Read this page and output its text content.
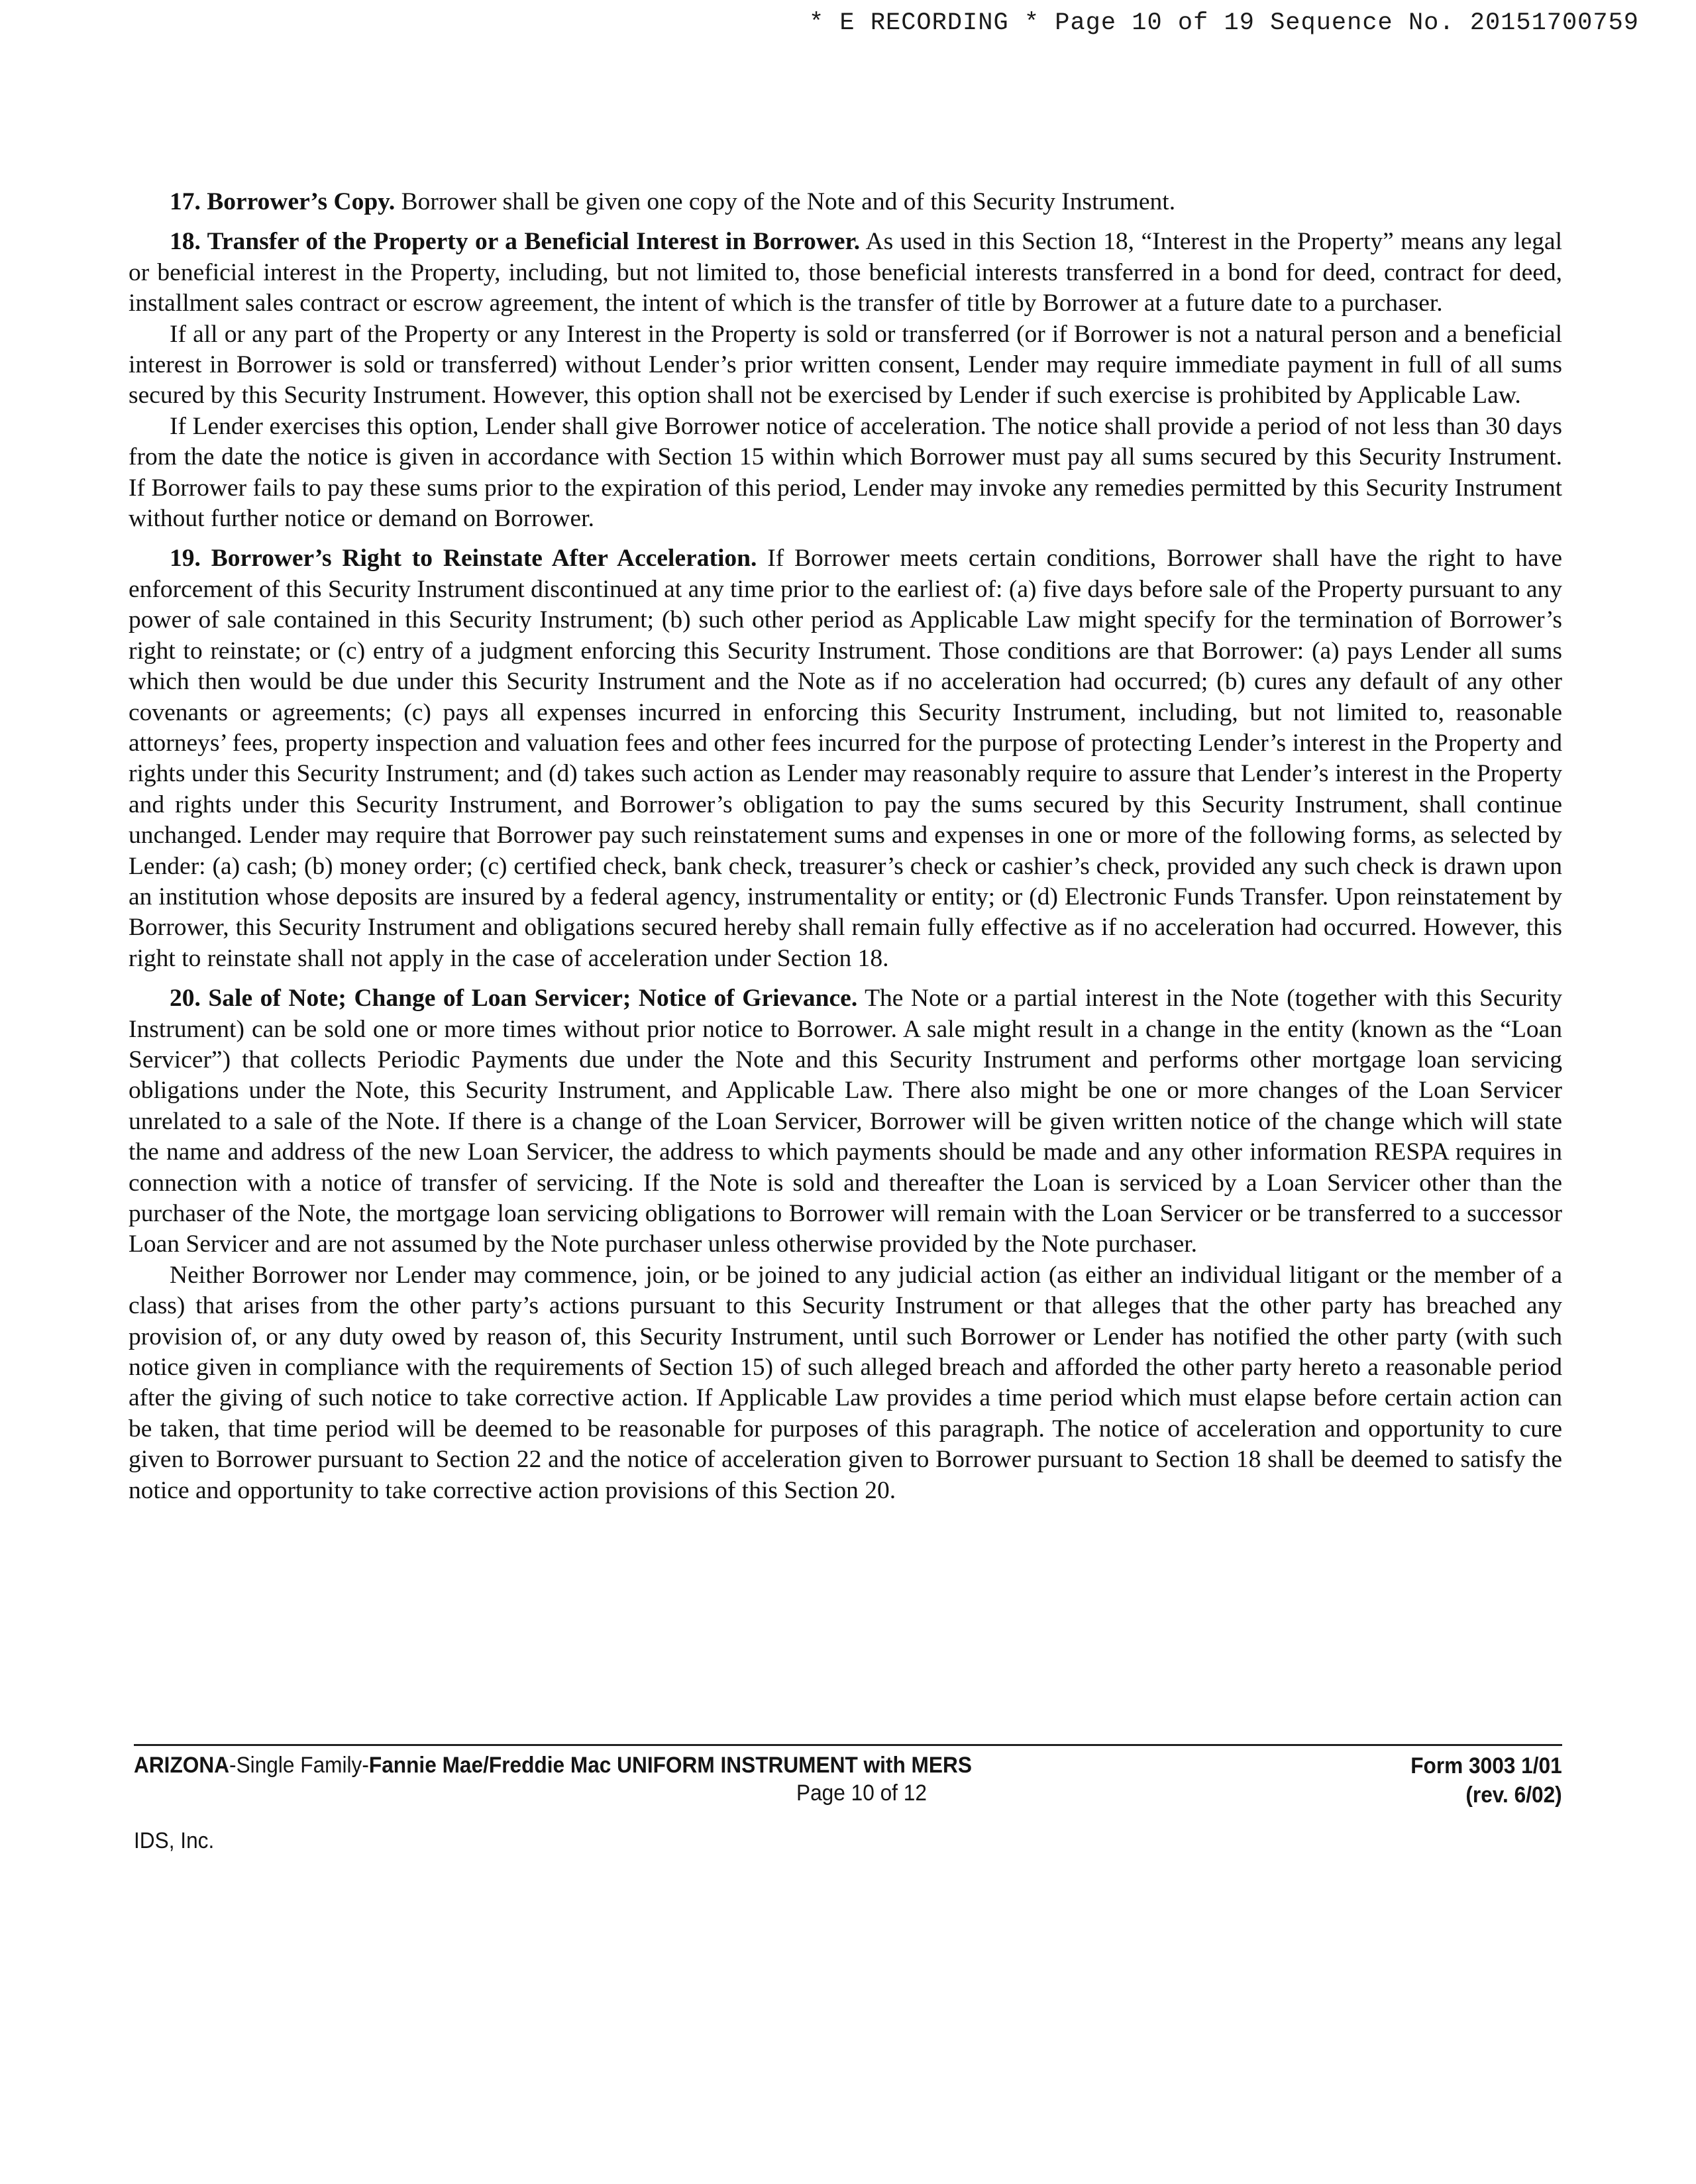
* E RECORDING * Page 10 of 19 Sequence No. 20151700759

17. Borrower’s Copy. Borrower shall be given one copy of the Note and of this Security Instrument.

18. Transfer of the Property or a Beneficial Interest in Borrower. As used in this Section 18, “Interest in the Property” means any legal or beneficial interest in the Property, including, but not limited to, those beneficial interests transferred in a bond for deed, contract for deed, installment sales contract or escrow agreement, the intent of which is the transfer of title by Borrower at a future date to a purchaser.

If all or any part of the Property or any Interest in the Property is sold or transferred (or if Borrower is not a natural person and a beneficial interest in Borrower is sold or transferred) without Lender’s prior written consent, Lender may require immediate payment in full of all sums secured by this Security Instrument. However, this option shall not be exercised by Lender if such exercise is prohibited by Applicable Law.

If Lender exercises this option, Lender shall give Borrower notice of acceleration. The notice shall provide a period of not less than 30 days from the date the notice is given in accordance with Section 15 within which Borrower must pay all sums secured by this Security Instrument. If Borrower fails to pay these sums prior to the expiration of this period, Lender may invoke any remedies permitted by this Security Instrument without further notice or demand on Borrower.

19. Borrower’s Right to Reinstate After Acceleration. If Borrower meets certain conditions, Borrower shall have the right to have enforcement of this Security Instrument discontinued at any time prior to the earliest of: (a) five days before sale of the Property pursuant to any power of sale contained in this Security Instrument; (b) such other period as Applicable Law might specify for the termination of Borrower’s right to reinstate; or (c) entry of a judgment enforcing this Security Instrument. Those conditions are that Borrower: (a) pays Lender all sums which then would be due under this Security Instrument and the Note as if no acceleration had occurred; (b) cures any default of any other covenants or agreements; (c) pays all expenses incurred in enforcing this Security Instrument, including, but not limited to, reasonable attorneys’ fees, property inspection and valuation fees and other fees incurred for the purpose of protecting Lender’s interest in the Property and rights under this Security Instrument; and (d) takes such action as Lender may reasonably require to assure that Lender’s interest in the Property and rights under this Security Instrument, and Borrower’s obligation to pay the sums secured by this Security Instrument, shall continue unchanged. Lender may require that Borrower pay such reinstatement sums and expenses in one or more of the following forms, as selected by Lender: (a) cash; (b) money order; (c) certified check, bank check, treasurer’s check or cashier’s check, provided any such check is drawn upon an institution whose deposits are insured by a federal agency, instrumentality or entity; or (d) Electronic Funds Transfer. Upon reinstatement by Borrower, this Security Instrument and obligations secured hereby shall remain fully effective as if no acceleration had occurred. However, this right to reinstate shall not apply in the case of acceleration under Section 18.

20. Sale of Note; Change of Loan Servicer; Notice of Grievance. The Note or a partial interest in the Note (together with this Security Instrument) can be sold one or more times without prior notice to Borrower. A sale might result in a change in the entity (known as the “Loan Servicer”) that collects Periodic Payments due under the Note and this Security Instrument and performs other mortgage loan servicing obligations under the Note, this Security Instrument, and Applicable Law. There also might be one or more changes of the Loan Servicer unrelated to a sale of the Note. If there is a change of the Loan Servicer, Borrower will be given written notice of the change which will state the name and address of the new Loan Servicer, the address to which payments should be made and any other information RESPA requires in connection with a notice of transfer of servicing. If the Note is sold and thereafter the Loan is serviced by a Loan Servicer other than the purchaser of the Note, the mortgage loan servicing obligations to Borrower will remain with the Loan Servicer or be transferred to a successor Loan Servicer and are not assumed by the Note purchaser unless otherwise provided by the Note purchaser.

Neither Borrower nor Lender may commence, join, or be joined to any judicial action (as either an individual litigant or the member of a class) that arises from the other party’s actions pursuant to this Security Instrument or that alleges that the other party has breached any provision of, or any duty owed by reason of, this Security Instrument, until such Borrower or Lender has notified the other party (with such notice given in compliance with the requirements of Section 15) of such alleged breach and afforded the other party hereto a reasonable period after the giving of such notice to take corrective action. If Applicable Law provides a time period which must elapse before certain action can be taken, that time period will be deemed to be reasonable for purposes of this paragraph. The notice of acceleration and opportunity to cure given to Borrower pursuant to Section 22 and the notice of acceleration given to Borrower pursuant to Section 18 shall be deemed to satisfy the notice and opportunity to take corrective action provisions of this Section 20.

ARIZONA-Single Family-Fannie Mae/Freddie Mac UNIFORM INSTRUMENT with MERS
Page 10 of 12
Form 3003 1/01
(rev. 6/02)
IDS, Inc.
